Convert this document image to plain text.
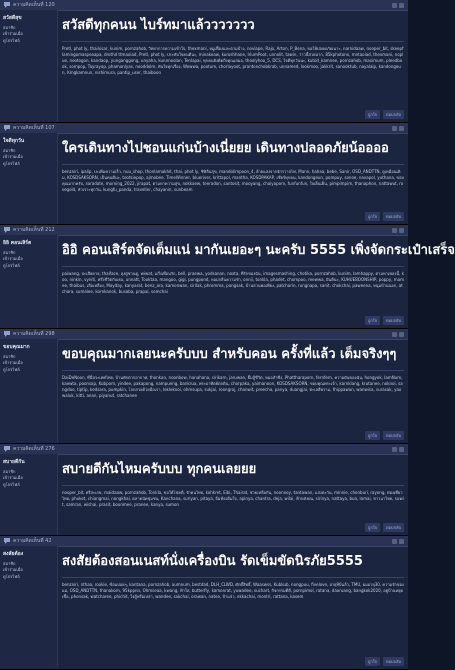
ความคิดเห็นที่ 120
สวัสดีสุข
สมาชิก
เข้าร่วมเมื่อ
ดูโปรไฟล์
สวัสดีทุกคนน ไบร์ทมาแล้ววววววว
Pretl, phot ly, thainisar, kunim, pornzahob, วิทยาการความเข้าใจ, thexmani, หมูเฟิ้องและตามบ้าง, noviape, Rajo, Arton, P_Bena, ขอให้ปลอดภัยเนาะ, narnidaaw, nooper_bit, skeepflamingomaspeaapa, drothd ttmaoiad, Pretl, phot ly, ประทับใจคนดีนะ, minakeaw, kuroshhane, IriumPoot, unnolit, tawin, ว่าวนี้สวยมาก, 85kphotonx, mntaoiad, thexmani, noplue, nootogon, kandaop, yunganggong, unyaha, kunnnoolan, Tenlapai, ทุกคนยังคิดถึงคุณเสมอ, thoolyhoo_5, DCS, ใจดีทุกวันนะ, kutoit_kamnee, pornzahob, maximum, pleedbook, sompop, Tayrayop, phamonlyas, nooddolm, ทันใจทุกเรื่อง, Wowwa, pootum, chorlayoot, prantonchobkrab, unnamed, lookmoo, jakkrit, sanooktub, nayalaip, kandongeun, Kmgkamnun, nishimura, pantip_user, thaiboon
ถูกใจ	ตอบกลับ
ความคิดเห็นที่ 107
ใจดีทุกวัน
สมาชิก
เข้าร่วมเมื่อ
ดูโปรไฟล์
ใครเดินทางไปชอนแก่นบ้างเนี่ยยย เดินทางปลอดภัยน้ออออ
benzniri, ipalip, ปะเพิ่มความเร็ว, nuu_shop, thonlamakhit, thai, phot ly, ชิษิลีนสุข, mandolimpoon_4, ย้ายแสงจากจักรวาลไฟ, Mann, hahaa, bebe, Sanir, OSD_ANDTTN, ดูเหมือนเดิม, KOSDSAKSORN, เป็นคนดีนะ, tootsiepop, ajmobee, TimeWinner, blueriver, krittapol, mantha, KOSDPAKAP, เชียร์ทุกคน, kandongeun, pompuy, sonoe, navapol, yuthana, ขอบคุณมากครับ, soradate, morning_2022, jirapat, ตามหาความสุข, nokkaew, teeradon, santosit, mooyang, chaiyaporn, funfunfun, ใจเย็นเย็น, pimpimpim, thanaphon, nattawut, rosegold, หัวเราะทุกวัน, kungfu_panda, traveller, chayanin, sunbeam
ถูกใจ	ตอบกลับ
ความคิดเห็นที่ 212
อิอิ คอนเสิร์ต
สมาชิก
เข้าร่วมเมื่อ
ดูโปรไฟล์
อิอิ คอนเสิร์ตจัดเต็มแน่ มากันเยอะๆ นะครับ 5555 เพิ่งจัดกระเป๋าเสร็จ
paiwang, ปะเสียดาย, thaiface, ลุงตู่ชวนดู, wiwat, แก๊งเพื่อนรัก, bell, praewa, yodsanan, noxta, ที่รักของฉัน, imagesmashing, chotika, pornzahob, kunim, Iamhappy, ตามหาเพลงนี้, koo, ninkin, vyniti, ครึ่งชีวิตกับเธอ, unnatt, Tooktaa, mangoo, gigi, pungpond, หอมกลิ่นความรัก, onnii, tonkla, phadet, chompoo, reewwa, ฝันดีนะ, KUHUEBOONSHIP, poppy, mamee, thaibus, เสือเหลือง, Mayday, kanyarat, benz_ara, kamonwan, sirilak, phromma, pongsak, บ้านสวนพอเพียง, patcharin, rungnapa, sanit, chokchai, paweena, หนุ่มบ้านนอก, atchara, sumalee, kornkanok, busaba, prapai, somchai
ถูกใจ	ตอบกลับ
ความคิดเห็นที่ 298
ขอบคุณมาก
สมาชิก
เข้าร่วมเมื่อ
ดูโปรไฟล์
ขอบคุณมากเลยนะครับบบ สำหรับคอน ครั้งที่แล้ว เต็มจริงๆๆ
DaiDeNoon, ที่นี่ประเทศไทย, บ้านพักตากอากาศ, thonkan, noonbow, hanahana, sirikarn, jaruwan, ยิ้มสู้ชีวิต, หมอลำซิ่ง, Phattharaporn, fernfern, ความฝันของฉัน, hongyok, IamNum, kaewta, poonsap, Kubpom, yindee, pakapong, nampueng, bankrua, พระอาทิตย์ตกดิน, chorpaka, yaimanoon, KOSDSAKSORN, ขอบคุณพระเจ้า, karnklang, krutanee, noknoi, sangdao, tiptip, kedsara, pumpkin, โลกสวยด้วยมือเรา, lekleknoi, ohmsupa, sukjai, roongroj, chanwit, preecha, panya, duangjai, ทะเลสีคราม, thippawan, wanwisa, surasak, yaowaluk, kitti, anan, piyanut, ratchanee
ถูกใจ	ตอบกลับ
ความคิดเห็นที่ 276
สบายดีกัน
สมาชิก
เข้าร่วมเมื่อ
ดูโปรไฟล์
สบายดีกันไหมครับบบ ทุกคนเลยยย
nooper_bit, ศรีสะเกษ, maidaaw, pornzahob, Tonkla, ขอให้โชคดี, รักคนไทย, kohkret, Eibi, Thairat, ช่วยเหลือกัน, noonnoy, tantawan, แสงตะวัน, minnie, chonburi, rayong, ท่องเที่ยวไทย, phuket, chiangmai, nongkhai, ตลาดนัดชุมชน, Kanchana, suriyan, pitaya, อิ่มท้องอิ่มใจ, apinya, chantra, deja, wilai, ฟ้าหลังฝน, sirinya, nattaya, bua, lamai, ชาวนาไทย, suwit, samran, wichai, prasit, boonmee, pranee, kanya, sumon
ถูกใจ	ตอบกลับ
ความคิดเห็นที่ 42
สงสัยต้อง
สมาชิก
เข้าร่วมเมื่อ
ดูโปรไฟล์
สงสัยต้องสอนเนสท์นั่งเครื่องบิน รัดเข็มขัดนิรภัย5555
benzniri, nthaa, rookie, ซ้อมบ่อยๆ, kantana, pornzahob, aumnum, bestdad, DLH_CLWD, ศักดิ์สิทธิ์, Waaswss, Kubkub, nongpuu, fivelove, อายุ90แล้ว, TMU, ผมอายุ30, ความรักของแม่, OSD_ANDTTN, thanakorn, 95kppnn, Ohmseaa, kwang, ฟ้าใส, butterfly, kamonrat, yuwadee, suchart, กิจกรรมดีดี, pornpimol, ratana, daoruang, bangkok2020, อยู่บ้านหยุดเชื้อ, phonsak, watcharee, phichit, ใจสู้หรือเปล่า, wandee, sakchai, orawan, natee, ป้าแจ๋ว, ekkachai, montri, rattana, kasem
ถูกใจ	ตอบกลับ
